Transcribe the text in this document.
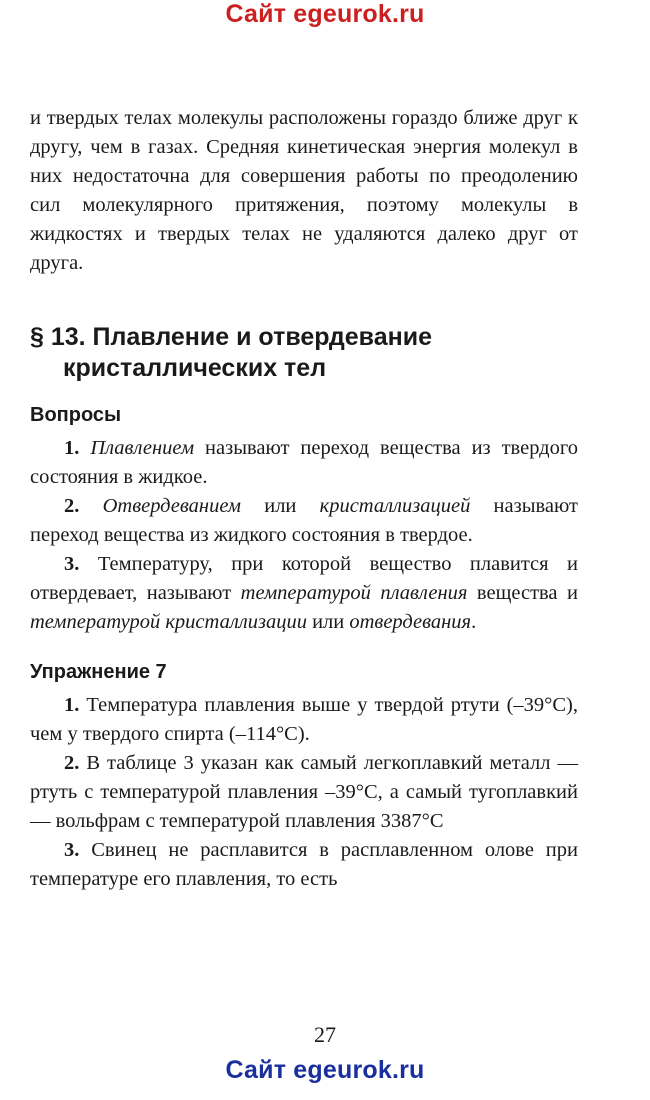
Сайт egeurok.ru

и твердых телах молекулы расположены гораздо ближе друг к другу, чем в газах. Средняя кинетическая энергия молекул в них недостаточна для совершения работы по преодолению сил молекулярного притяжения, поэтому молекулы в жидкостях и твердых телах не удаляются далеко друг от друга.

§ 13. Плавление и отвердевание
кристаллических тел
Вопросы

1. Плавлением называют переход вещества из твердого состояния в жидкое.

2. Отвердеванием или кристаллизацией называют переход вещества из жидкого состояния в твердое.

3. Температуру, при которой вещество плавится и отвердевает, называют температурой плавления вещества и температурой кристаллизации или отвердевания.

Упражнение 7

1. Температура плавления выше у твердой ртути (–39°С), чем у твердого спирта (–114°С).

2. В таблице 3 указан как самый легкоплавкий металл — ртуть с температурой плавления –39°С, а самый тугоплавкий — вольфрам с температурой плавления 3387°С

3. Свинец не расплавится в расплавленном олове при температуре его плавления, то есть

27
Сайт egeurok.ru
